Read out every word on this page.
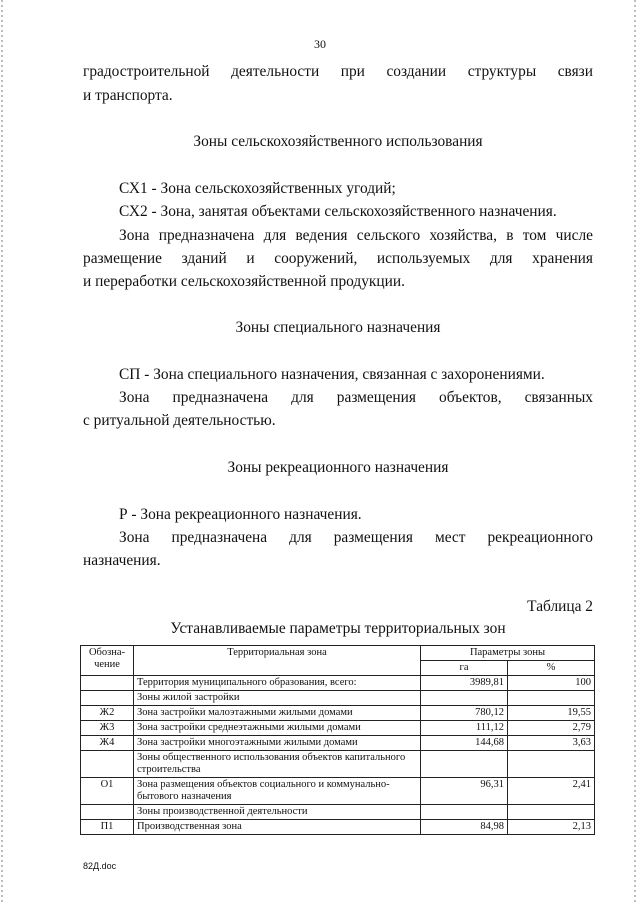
30

градостроительной деятельности при создании структуры связи

и транспорта.

Зоны сельскохозяйственного использования

СХ1 - Зона сельскохозяйственных угодий;

СХ2 - Зона, занятая объектами сельскохозяйственного назначения.

Зона предназначена для ведения сельского хозяйства, в том числе

размещение зданий и сооружений, используемых для хранения

и переработки сельскохозяйственной продукции.

Зоны специального назначения

СП - Зона специального назначения, связанная с захоронениями.

Зона предназначена для размещения объектов, связанных

с ритуальной деятельностью.

Зоны рекреационного назначения

Р - Зона рекреационного назначения.

Зона предназначена для размещения мест рекреационного

назначения.

Таблица 2
Устанавливаемые параметры территориальных зон
Обозна-чение	Территориальная зона	Параметры зоны	
		га	%
	Территория муниципального образования, всего:	3989,81	100
	Зоны жилой застройки		
Ж2	Зона застройки малоэтажными жилыми домами	780,12	19,55
Ж3	Зона застройки среднеэтажными жилыми домами	111,12	2,79
Ж4	Зона застройки многоэтажными жилыми домами	144,68	3,63
	Зоны общественного использования объектов капитального строительства		
О1	Зона размещения объектов социального и коммунально-бытового назначения	96,31	2,41
	Зоны производственной деятельности		
П1	Производственная зона	84,98	2,13
82Д.doc
